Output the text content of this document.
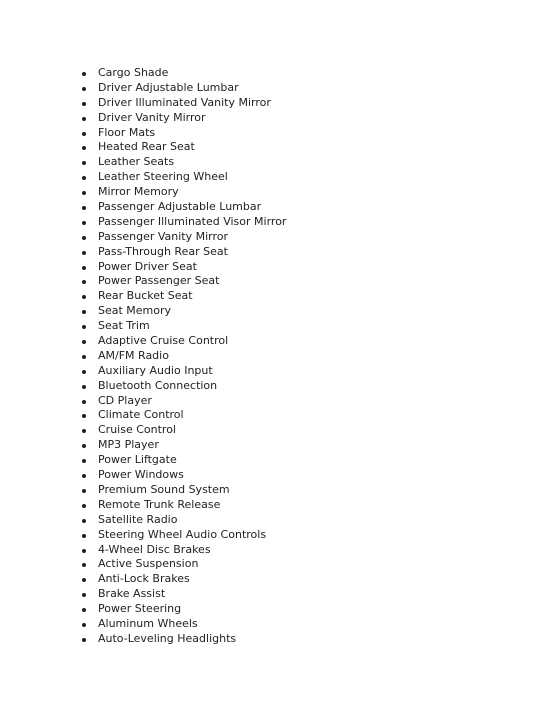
Cargo Shade
Driver Adjustable Lumbar
Driver Illuminated Vanity Mirror
Driver Vanity Mirror
Floor Mats
Heated Rear Seat
Leather Seats
Leather Steering Wheel
Mirror Memory
Passenger Adjustable Lumbar
Passenger Illuminated Visor Mirror
Passenger Vanity Mirror
Pass-Through Rear Seat
Power Driver Seat
Power Passenger Seat
Rear Bucket Seat
Seat Memory
Seat Trim
Adaptive Cruise Control
AM/FM Radio
Auxiliary Audio Input
Bluetooth Connection
CD Player
Climate Control
Cruise Control
MP3 Player
Power Liftgate
Power Windows
Premium Sound System
Remote Trunk Release
Satellite Radio
Steering Wheel Audio Controls
4-Wheel Disc Brakes
Active Suspension
Anti-Lock Brakes
Brake Assist
Power Steering
Aluminum Wheels
Auto-Leveling Headlights
